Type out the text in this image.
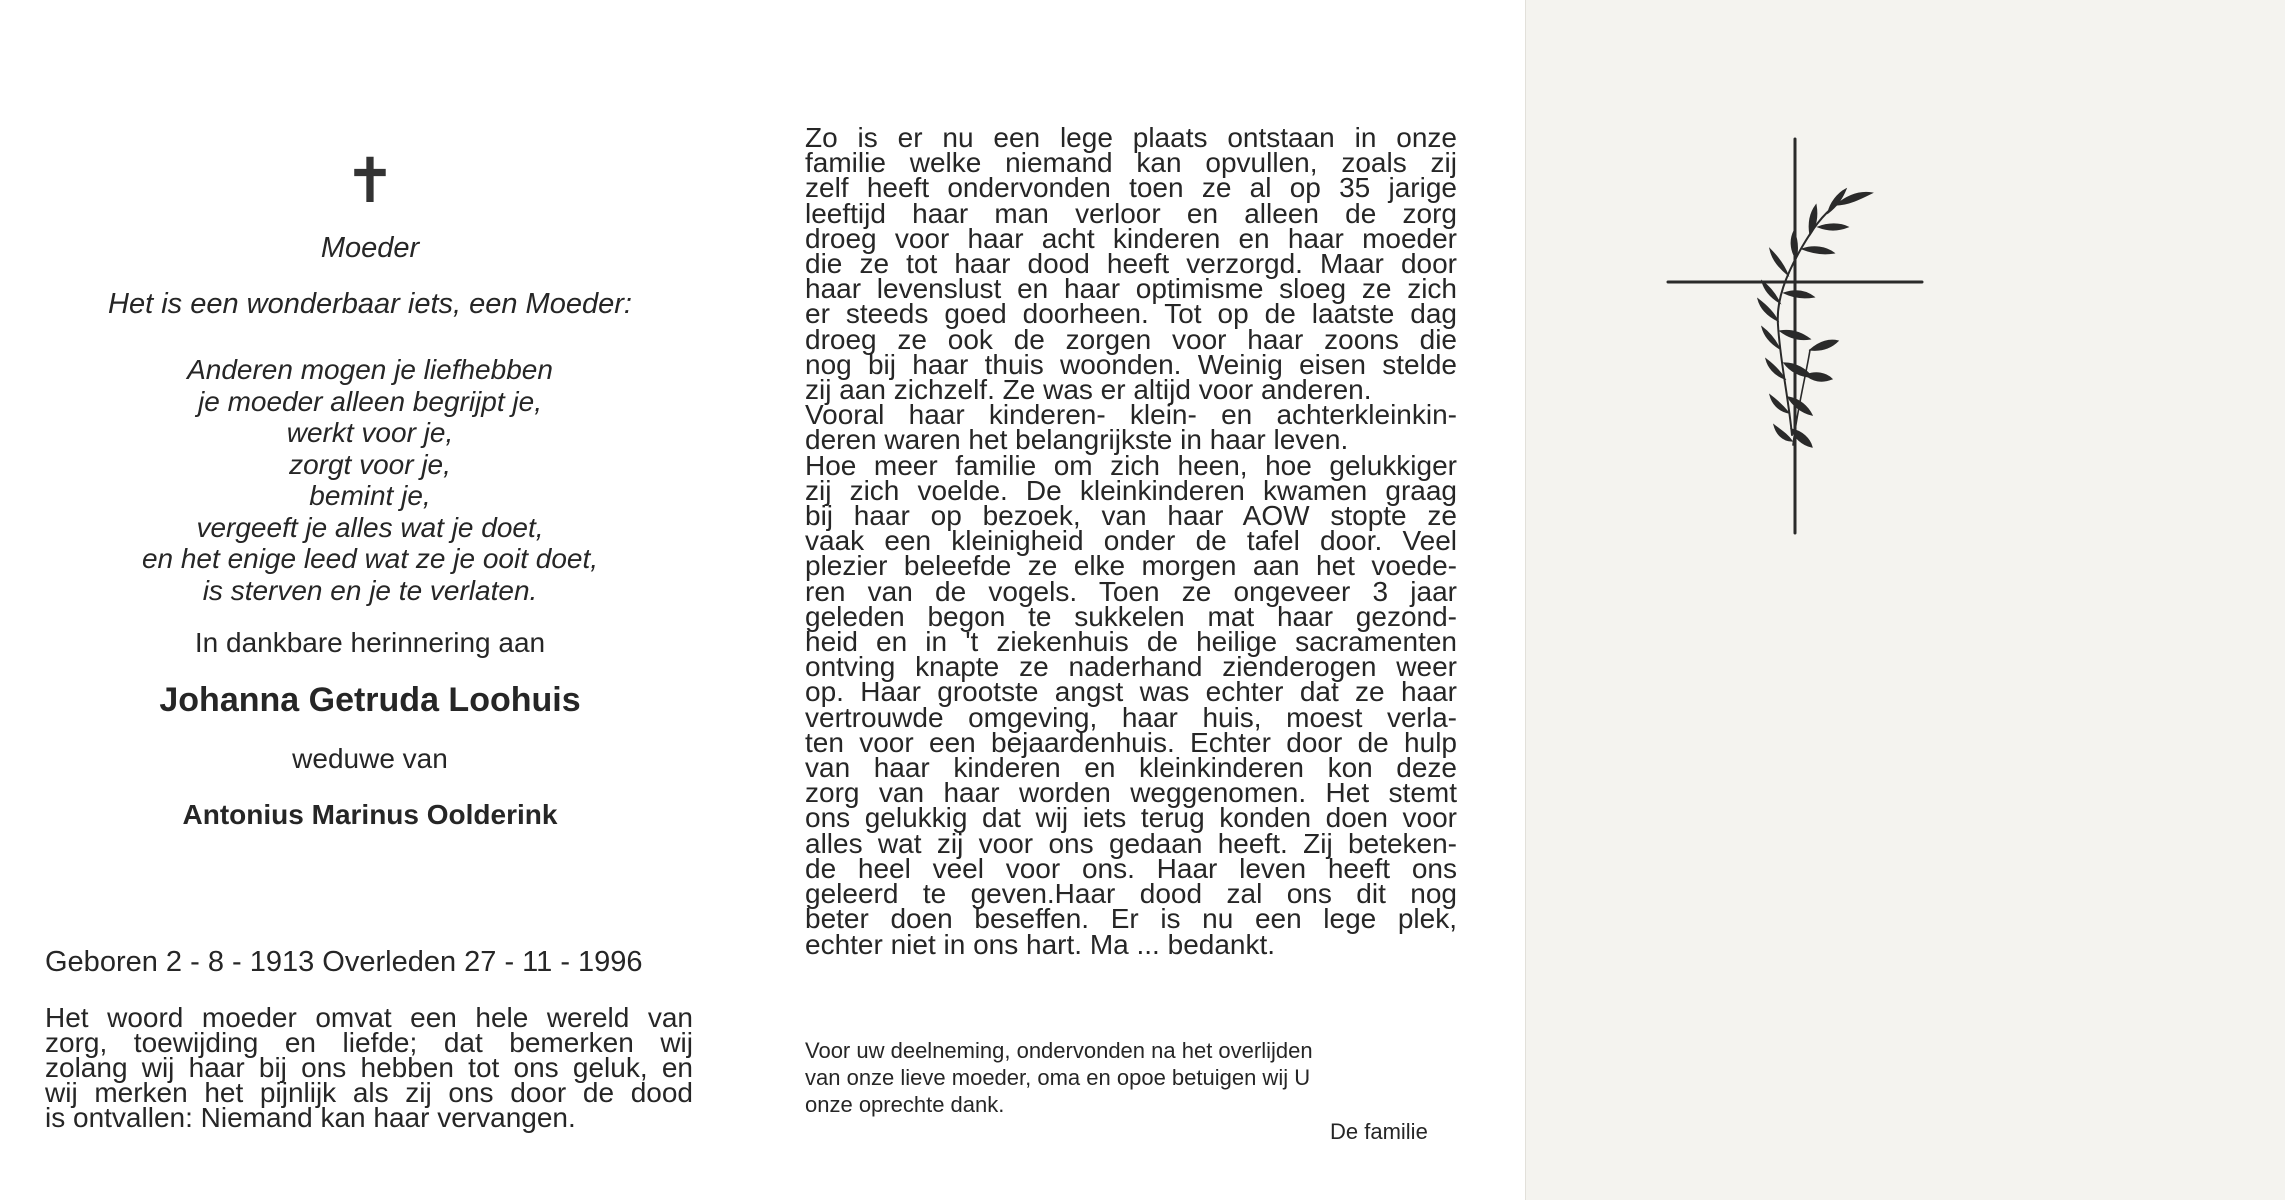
✝
Moeder
Het is een wonderbaar iets, een Moeder:
Anderen mogen je liefhebben
je moeder alleen begrijpt je,
werkt voor je,
zorgt voor je,
bemint je,
vergeeft je alles wat je doet,
en het enige leed wat ze je ooit doet,
is sterven en je te verlaten.
In dankbare herinnering aan
Johanna Getruda Loohuis
weduwe van
Antonius Marinus Oolderink
Geboren 2 - 8 - 1913 Overleden 27 - 11 - 1996
Het woord moeder omvat een hele wereld van
zorg, toewijding en liefde; dat bemerken wij
zolang wij haar bij ons hebben tot ons geluk, en
wij merken het pijnlijk als zij ons door de dood
is ontvallen: Niemand kan haar vervangen.
Zo is er nu een lege plaats ontstaan in onze
familie welke niemand kan opvullen, zoals zij
zelf heeft ondervonden toen ze al op 35 jarige
leeftijd haar man verloor en alleen de zorg
droeg voor haar acht kinderen en haar moeder
die ze tot haar dood heeft verzorgd. Maar door
haar levenslust en haar optimisme sloeg ze zich
er steeds goed doorheen. Tot op de laatste dag
droeg ze ook de zorgen voor haar zoons die
nog bij haar thuis woonden. Weinig eisen stelde
zij aan zichzelf. Ze was er altijd voor anderen.
Vooral haar kinderen- klein- en achterkleinkin-
deren waren het belangrijkste in haar leven.
Hoe meer familie om zich heen, hoe gelukkiger
zij zich voelde. De kleinkinderen kwamen graag
bij haar op bezoek, van haar AOW stopte ze
vaak een kleinigheid onder de tafel door. Veel
plezier beleefde ze elke morgen aan het voede-
ren van de vogels. Toen ze ongeveer 3 jaar
geleden begon te sukkelen mat haar gezond-
heid en in 't ziekenhuis de heilige sacramenten
ontving knapte ze naderhand zienderogen weer
op. Haar grootste angst was echter dat ze haar
vertrouwde omgeving, haar huis, moest verla-
ten voor een bejaardenhuis. Echter door de hulp
van haar kinderen en kleinkinderen kon deze
zorg van haar worden weggenomen. Het stemt
ons gelukkig dat wij iets terug konden doen voor
alles wat zij voor ons gedaan heeft. Zij beteken-
de heel veel voor ons. Haar leven heeft ons
geleerd te geven.Haar dood zal ons dit nog
beter doen beseffen. Er is nu een lege plek,
echter niet in ons hart. Ma ... bedankt.
Voor uw deelneming, ondervonden na het overlijden
van onze lieve moeder, oma en opoe betuigen wij U
onze oprechte dank.
De familie
